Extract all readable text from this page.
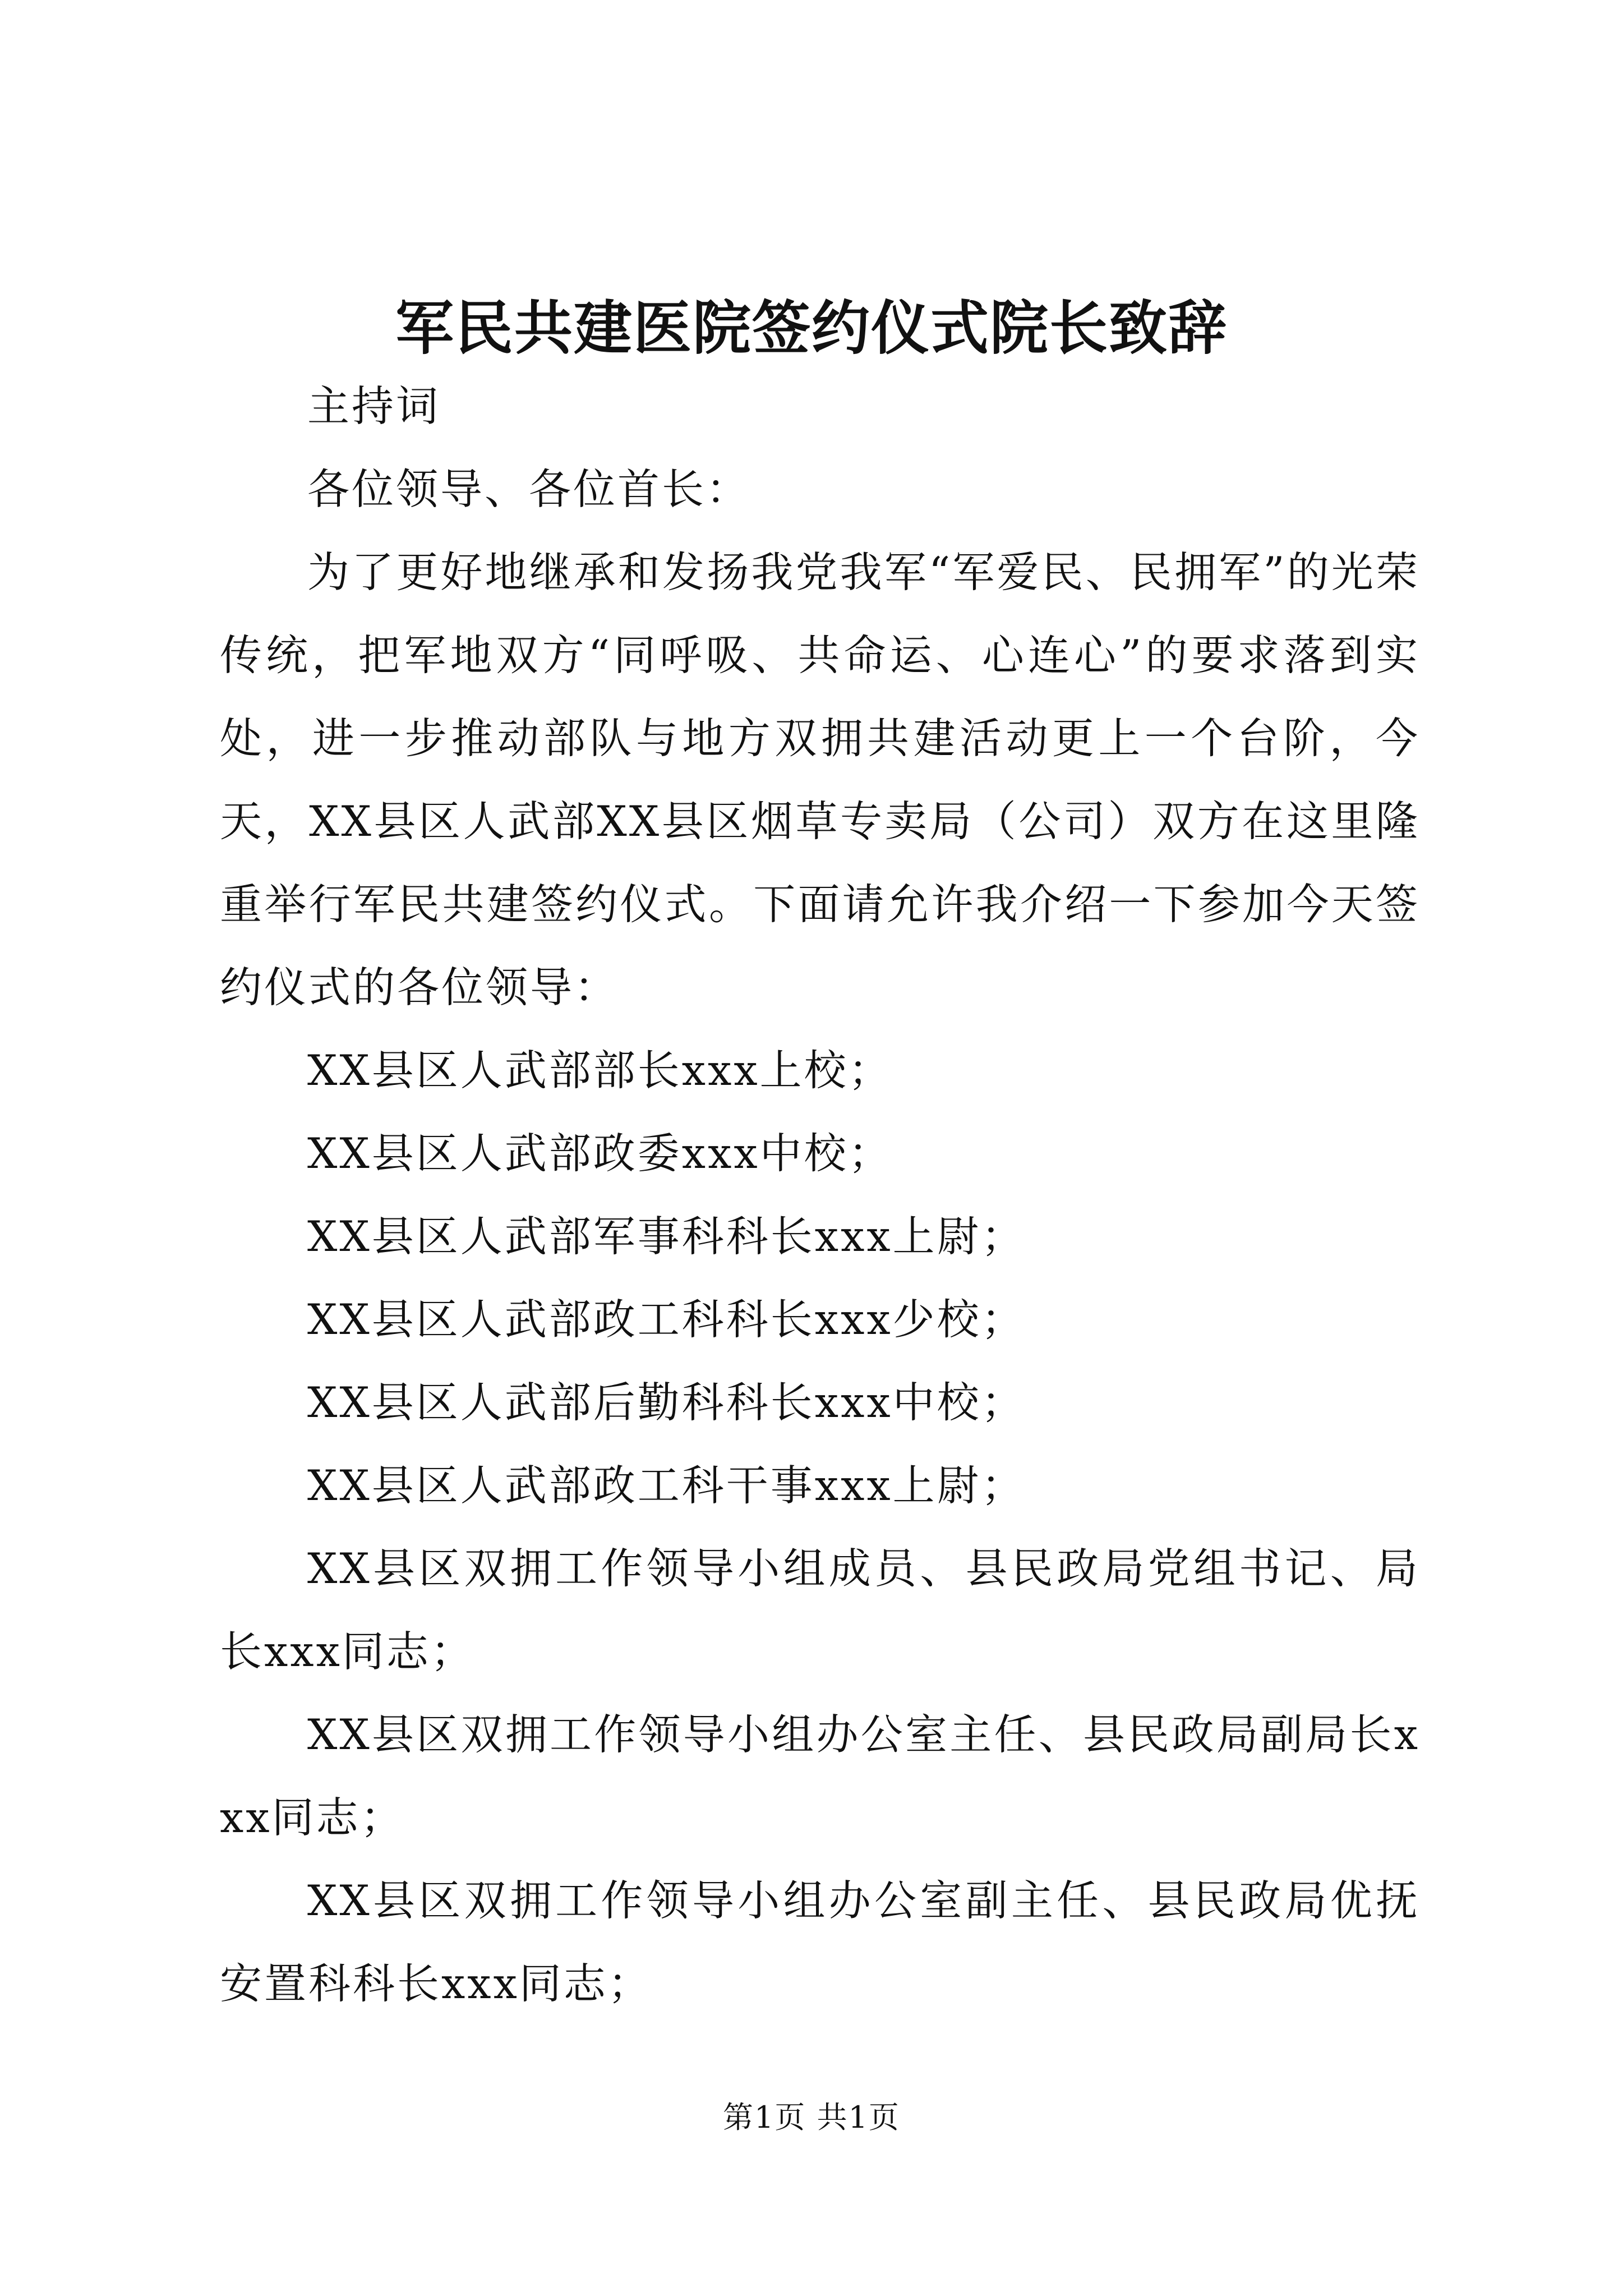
军民共建医院签约仪式院长致辞

主持词

各位领导、各位首长：

为了更好地继承和发扬我党我军“军爱民、民拥军”的光荣传统，把军地双方“同呼吸、共命运、心连心”的要求落到实处，进一步推动部队与地方双拥共建活动更上一个台阶，今天，XX县区人武部XX县区烟草专卖局（公司）双方在这里隆重举行军民共建签约仪式。下面请允许我介绍一下参加今天签约仪式的各位领导：

XX县区人武部部长xxx上校；

XX县区人武部政委xxx中校；

XX县区人武部军事科科长xxx上尉；

XX县区人武部政工科科长xxx少校；

XX县区人武部后勤科科长xxx中校；

XX县区人武部政工科干事xxx上尉；

XX县区双拥工作领导小组成员、县民政局党组书记、局长xxx同志；

XX县区双拥工作领导小组办公室主任、县民政局副局长xxx同志；

XX县区双拥工作领导小组办公室副主任、县民政局优抚安置科科长xxx同志；

第1页 共1页
